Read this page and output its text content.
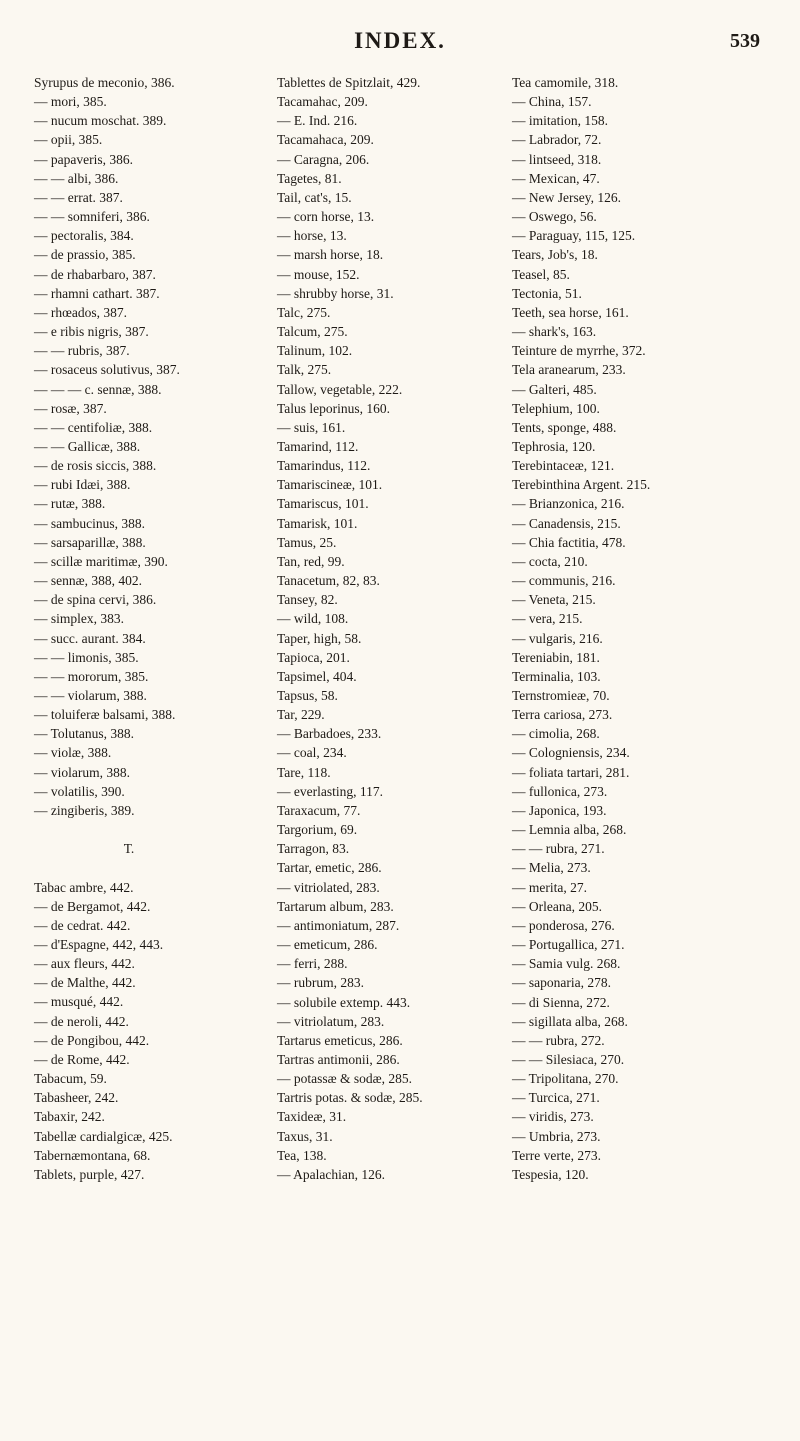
INDEX.	539
Syrupus de meconio, 386.
— mori, 385.
— nucum moschat. 389.
— opii, 385.
— papaveris, 386.
— — albi, 386.
— — errat. 387.
— — somniferi, 386.
— pectoralis, 384.
— de prassio, 385.
— de rhabarbaro, 387.
— rhamni cathart. 387.
— rhœados, 387.
— e ribis nigris, 387.
— — rubris, 387.
— rosaceus solutivus, 387.
— — — c. sennæ, 388.
— rosæ, 387.
— — centifoliæ, 388.
— — Gallicæ, 388.
— de rosis siccis, 388.
— rubi Idæi, 388.
— rutæ, 388.
— sambucinus, 388.
— sarsaparillæ, 388.
— scillæ maritimæ, 390.
— sennæ, 388, 402.
— de spina cervi, 386.
— simplex, 383.
— succ. aurant. 384.
— — limonis, 385.
— — mororum, 385.
— — violarum, 388.
— toluiferæ balsami, 388.
— Tolutanus, 388.
— violæ, 388.
— violarum, 388.
— volatilis, 390.
— zingiberis, 389.
T.
Tabac ambre, 442.
— de Bergamot, 442.
— de cedrat. 442.
— d'Espagne, 442, 443.
— aux fleurs, 442.
— de Malthe, 442.
— musqué, 442.
— de neroli, 442.
— de Pongibou, 442.
— de Rome, 442.
Tabacum, 59.
Tabasheer, 242.
Tabaxir, 242.
Tabellæ cardialgicæ, 425.
Tabernæmontana, 68.
Tablets, purple, 427.
Tablettes de Spitzlait, 429.
Tacamahac, 209.
— E. Ind. 216.
Tacamahaca, 209.
— Caragna, 206.
Tagetes, 81.
Tail, cat's, 15.
— corn horse, 13.
— horse, 13.
— marsh horse, 18.
— mouse, 152.
— shrubby horse, 31.
Talc, 275.
Talcum, 275.
Talinum, 102.
Talk, 275.
Tallow, vegetable, 222.
Talus leporinus, 160.
— suis, 161.
Tamarind, 112.
Tamarindus, 112.
Tamariscineæ, 101.
Tamariscus, 101.
Tamarisk, 101.
Tamus, 25.
Tan, red, 99.
Tanacetum, 82, 83.
Tansey, 82.
— wild, 108.
Taper, high, 58.
Tapioca, 201.
Tapsimel, 404.
Tapsus, 58.
Tar, 229.
— Barbadoes, 233.
— coal, 234.
Tare, 118.
— everlasting, 117.
Taraxacum, 77.
Targorium, 69.
Tarragon, 83.
Tartar, emetic, 286.
— vitriolated, 283.
Tartarum album, 283.
— antimoniatum, 287.
— emeticum, 286.
— ferri, 288.
— rubrum, 283.
— solubile extemp. 443.
— vitriolatum, 283.
Tartarus emeticus, 286.
Tartras antimonii, 286.
— potassæ & sodæ, 285.
Tartris potas. & sodæ, 285.
Taxideæ, 31.
Taxus, 31.
Tea, 138.
— Apalachian, 126.
Tea camomile, 318.
— China, 157.
— imitation, 158.
— Labrador, 72.
— lintseed, 318.
— Mexican, 47.
— New Jersey, 126.
— Oswego, 56.
— Paraguay, 115, 125.
Tears, Job's, 18.
Teasel, 85.
Tectonia, 51.
Teeth, sea horse, 161.
— shark's, 163.
Teinture de myrrhe, 372.
Tela aranearum, 233.
— Galteri, 485.
Telephium, 100.
Tents, sponge, 488.
Tephrosia, 120.
Terebintaceæ, 121.
Terebinthina Argent. 215.
— Brianzonica, 216.
— Canadensis, 215.
— Chia factitia, 478.
— cocta, 210.
— communis, 216.
— Veneta, 215.
— vera, 215.
— vulgaris, 216.
Tereniabin, 181.
Terminalia, 103.
Ternstromieæ, 70.
Terra cariosa, 273.
— cimolia, 268.
— Cologniensis, 234.
— foliata tartari, 281.
— fullonica, 273.
— Japonica, 193.
— Lemnia alba, 268.
— — rubra, 271.
— Melia, 273.
— merita, 27.
— Orleana, 205.
— ponderosa, 276.
— Portugallica, 271.
— Samia vulg. 268.
— saponaria, 278.
— di Sienna, 272.
— sigillata alba, 268.
— — rubra, 272.
— — Silesiaca, 270.
— Tripolitana, 270.
— Turcica, 271.
— viridis, 273.
— Umbria, 273.
Terre verte, 273.
Tespesia, 120.
